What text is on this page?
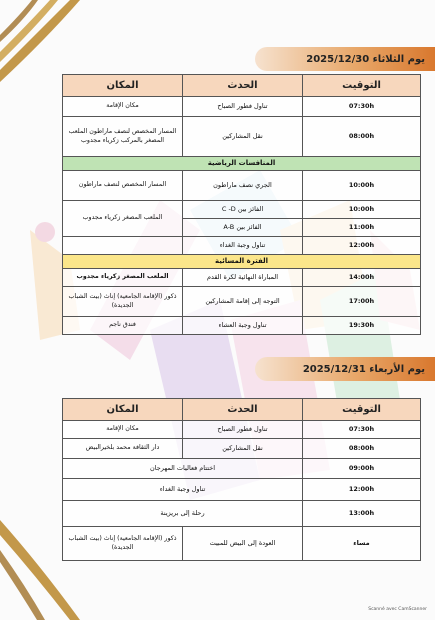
يوم الثلاثاء 2025/12/30
التوقيت	الحدث	المكان
07:30h	تناول فطور الصباح	مكان الإقامة
08:00h	نقل المشاركين	المسار المخصص لنصف ماراطون الملعب المصغر بالمركب زكرياء مجدوب
المنافسات الرياضية		
10:00h	الجري نصف ماراطون	المسار المخصص لنصف ماراطون
10:00h	الفائز بين C -D	الملعب المصغر زكرياء مجدوب
11:00h	الفائز بين A-B	
12:00h	تناول وجبة الغداء	
الفترة المسائية		
14:00h	المباراة النهائية لكرة القدم	الملعب المصغر زكرياء مجدوب
17:00h	التوجه إلى إقامة المشاركين	ذكور (الإقامة الجامعية) إناث (بيت الشباب الجديدة)
19:30h	تناول وجبة العشاء	فندق ناجم
يوم الأربعاء 2025/12/31
التوقيت	الحدث	المكان
07:30h	تناول فطور الصباح	مكان الإقامة
08:00h	نقل المشاركين	دار الثقافة محمد بلخيرالبيض
09:00h	اختتام فعاليات المهرجان	
12:00h	تناول وجبة الغداء	
13:00h	رحلة إلى بريزينة	
مساء	العودة إلى البيض للمبيت	ذكور (الإقامة الجامعية) إناث (بيت الشباب الجديدة)
Scanné avec CamScanner
